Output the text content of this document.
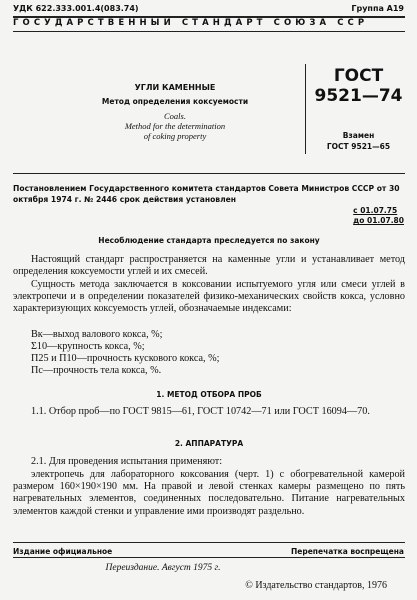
УДК 622.333.001.4(083.74)	Группа А19
ГОСУДАРСТВЕННЫЙ СТАНДАРТ СОЮЗА ССР
УГЛИ КАМЕННЫЕ
Метод определения коксуемости
Coals.
Method for the determination
of coking property
ГОСТ
9521—74
Взамен
ГОСТ 9521—65
Постановлением Государственного комитета стандартов Совета Министров СССР от 30 октября 1974 г. № 2446 срок действия установлен
с 01.07.75
до 01.07.80
Несоблюдение стандарта преследуется по закону
Настоящий стандарт распространяется на каменные угли и устанавливает метод определения коксуемости углей и их смесей.
Сущность метода заключается в коксовании испытуемого угля или смеси углей в электропечи и в определении показателей физико-механических свойств кокса, условно характеризующих коксуемость углей, обозначаемые индексами:
Bк—выход валового кокса, %;
Σ10—крупность кокса, %;
П25 и П10—прочность кускового кокса, %;
Пс—прочность тела кокса, %.
1. МЕТОД ОТБОРА ПРОБ
1.1. Отбор проб—по ГОСТ 9815—61, ГОСТ 10742—71 или ГОСТ 16094—70.
2. АППАРАТУРА
2.1. Для проведения испытания применяют:
электропечь для лабораторного коксования (черт. 1) с обогревательной камерой размером 160×190×190 мм. На правой и левой стенках камеры размещено по пять нагревательных элементов, соединенных последовательно. Питание нагревательных элементов каждой стенки и управление ими производят раздельно.
Издание официальное	Перепечатка воспрещена
Переиздание. Август 1975 г.
© Издательство стандартов, 1976
